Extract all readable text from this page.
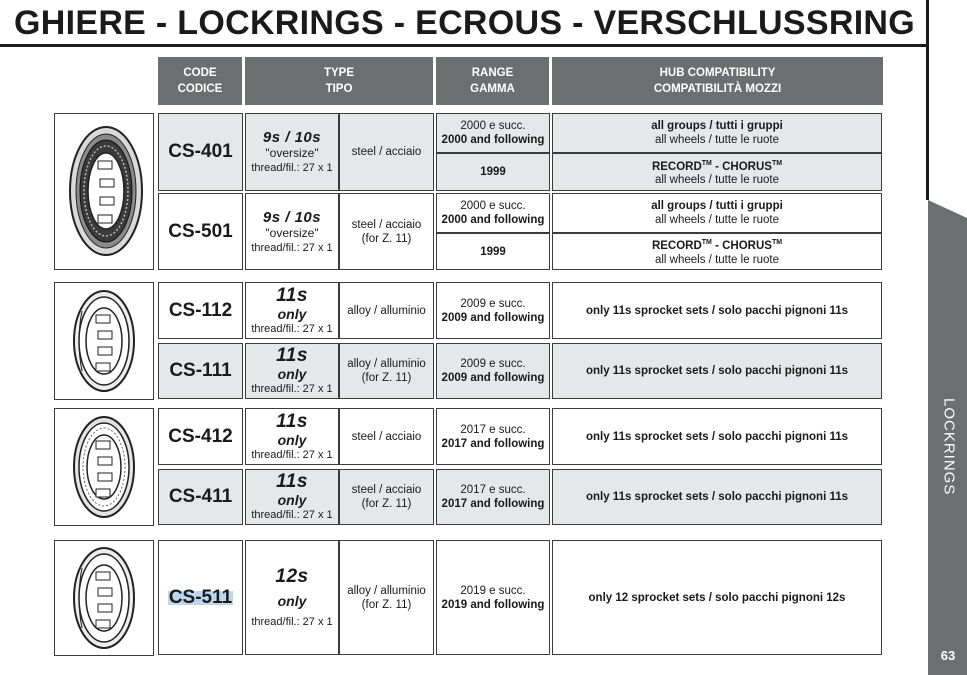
GHIERE - LOCKRINGS - ECROUS - VERSCHLUSSRING
LOCKRINGS
63
CODE
CODICE
TYPE
TIPO
RANGE
GAMMA
HUB COMPATIBILITY
COMPATIBILITÀ MOZZI
CS-401
9s / 10s
"oversize"
thread/fil.: 27 x 1
steel / acciaio
2000 e succ.
2000 and following
1999
all groups / tutti i gruppi
all wheels / tutte le ruote
RECORD™ - CHORUS™
all wheels / tutte le ruote
CS-501
9s / 10s
"oversize"
thread/fil.: 27 x 1
steel / acciaio
(for Z. 11)
2000 e succ.
2000 and following
1999
all groups / tutti i gruppi
all wheels / tutte le ruote
RECORD™ - CHORUS™
all wheels / tutte le ruote
CS-112
11s
only
thread/fil.: 27 x 1
alloy / alluminio
2009 e succ.
2009 and following
only 11s sprocket sets / solo pacchi pignoni 11s
CS-111
11s
only
thread/fil.: 27 x 1
alloy / alluminio
(for Z. 11)
2009 e succ.
2009 and following
only 11s sprocket sets / solo pacchi pignoni 11s
CS-412
11s
only
thread/fil.: 27 x 1
steel / acciaio
2017 e succ.
2017 and following
only 11s sprocket sets / solo pacchi pignoni 11s
CS-411
11s
only
thread/fil.: 27 x 1
steel / acciaio
(for Z. 11)
2017 e succ.
2017 and following
only 11s sprocket sets / solo pacchi pignoni 11s
CS-511
12s
only
thread/fil.: 27 x 1
alloy / alluminio
(for Z. 11)
2019 e succ.
2019 and following
only 12 sprocket sets / solo pacchi pignoni 12s
